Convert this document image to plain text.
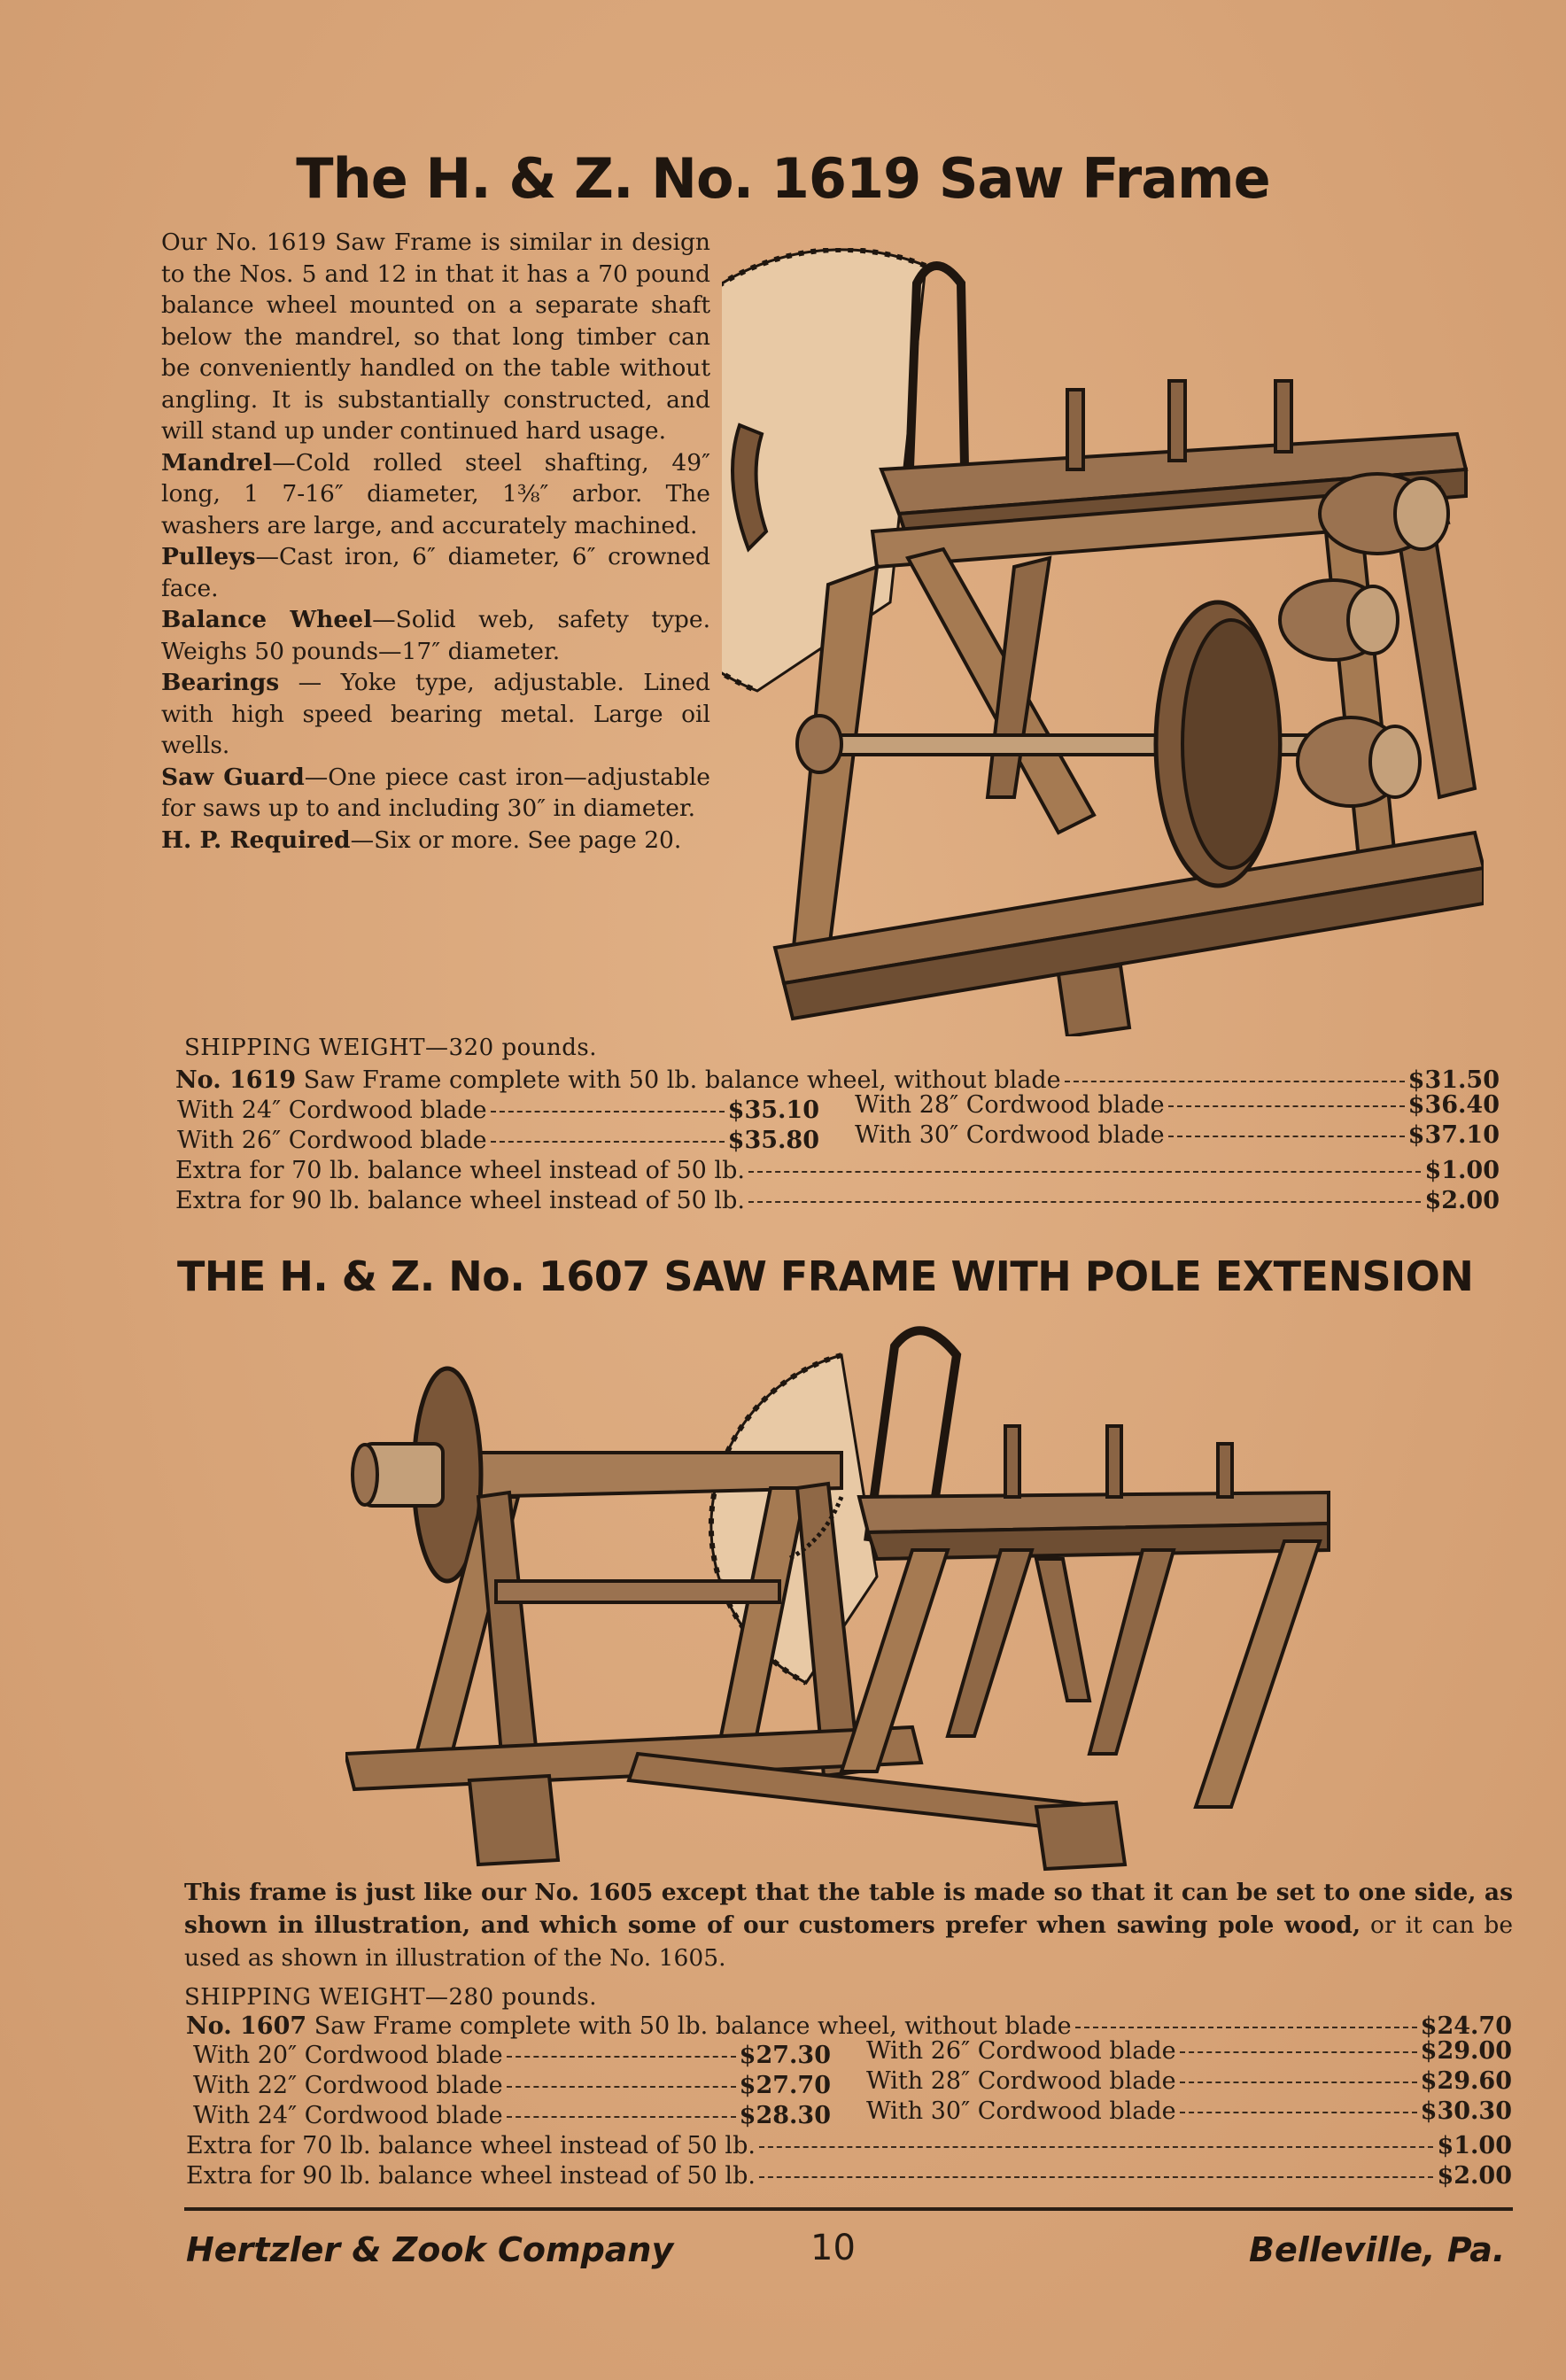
The H. & Z. No. 1619 Saw Frame

Our No. 1619 Saw Frame is similar in design to the Nos. 5 and 12 in that it has a 70 pound balance wheel mounted on a separate shaft below the mandrel, so that long timber can be conveniently handled on the table without angling. It is substantially constructed, and will stand up under continued hard usage.

Mandrel—Cold rolled steel shafting, 49″ long, 1 7-16″ diameter, 1⅜″ arbor. The washers are large, and accurately machined.

Pulleys—Cast iron, 6″ diameter, 6″ crowned face.

Balance Wheel—Solid web, safety type. Weighs 50 pounds—17″ diameter.

Bearings — Yoke type, adjustable. Lined with high speed bearing metal. Large oil wells.

Saw Guard—One piece cast iron—adjustable for saws up to and including 30″ in diameter.

H. P. Required—Six or more. See page 20.

SHIPPING WEIGHT—320 pounds.
No. 1619 Saw Frame complete with 50 lb. balance wheel, without blade	$31.50
With 24″ Cordwood blade	$35.10 With 28″ Cordwood blade	$36.40
With 26″ Cordwood blade	$35.80 With 30″ Cordwood blade	$37.10
Extra for 70 lb. balance wheel instead of 50 lb.	$1.00
Extra for 90 lb. balance wheel instead of 50 lb.	$2.00
THE H. & Z. No. 1607 SAW FRAME WITH POLE EXTENSION
This frame is just like our No. 1605 except that the table is made so that it can be set to one side, as shown in illustration, and which some of our customers prefer when sawing pole wood, or it can be used as shown in illustration of the No. 1605.
SHIPPING WEIGHT—280 pounds.
No. 1607 Saw Frame complete with 50 lb. balance wheel, without blade	$24.70
With 20″ Cordwood blade	$27.30 With 26″ Cordwood blade	$29.00
With 22″ Cordwood blade	$27.70 With 28″ Cordwood blade	$29.60
With 24″ Cordwood blade	$28.30 With 30″ Cordwood blade	$30.30
Extra for 70 lb. balance wheel instead of 50 lb.	$1.00
Extra for 90 lb. balance wheel instead of 50 lb.	$2.00
Hertzler & Zook Company	10	Belleville, Pa.
